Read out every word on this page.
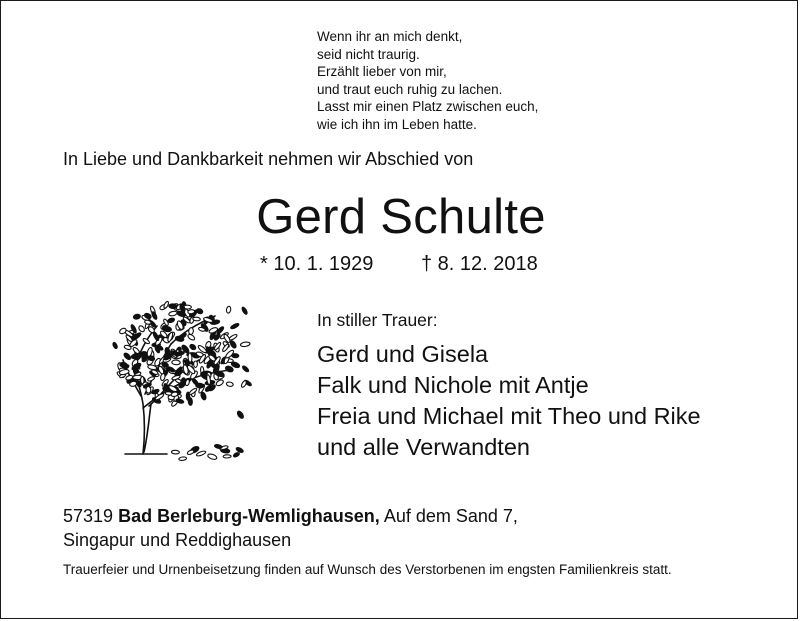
Wenn ihr an mich denkt,
seid nicht traurig.
Erzählt lieber von mir,
und traut euch ruhig zu lachen.
Lasst mir einen Platz zwischen euch,
wie ich ihn im Leben hatte.
In Liebe und Dankbarkeit nehmen wir Abschied von
Gerd Schulte
* 10. 1. 1929 † 8. 12. 2018
In stiller Trauer:
Gerd und Gisela
Falk und Nichole mit Antje
Freia und Michael mit Theo und Rike
und alle Verwandten
57319 Bad Berleburg-Wemlighausen, Auf dem Sand 7,
Singapur und Reddighausen
Trauerfeier und Urnenbeisetzung finden auf Wunsch des Verstorbenen im engsten Familienkreis statt.
